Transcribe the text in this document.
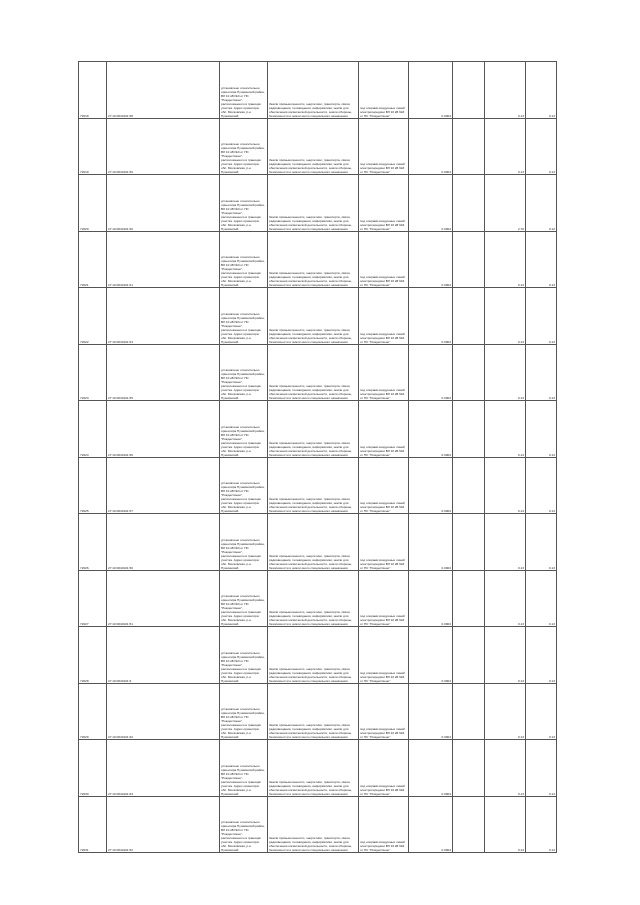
72018	27:10:0040101:58	установлено относительно ориентира Пушкинский район, ВЛ 10 кВ №3 от ПС "Рождествено", расположенного в границах участка. Адрес ориентира: обл. Московская, р-н Пушкинский	Земли промышленности, энергетики, транспорта, связи, радиовещания, телевидения, информатики, земли для обеспечения космической деятельности, земли обороны, безопасности и земли иного специального назначения	под опорами воздушных линий электропередачи ВЛ 10 кВ №3 от ПС "Рождествено"	0.0004		0.13	0.13
72019	27:10:0040101:59	установлено относительно ориентира Пушкинский район, ВЛ 10 кВ №3 от ПС "Рождествено", расположенного в границах участка. Адрес ориентира: обл. Московская, р-н Пушкинский	Земли промышленности, энергетики, транспорта, связи, радиовещания, телевидения, информатики, земли для обеспечения космической деятельности, земли обороны, безопасности и земли иного специального назначения	под опорами воздушных линий электропередачи ВЛ 10 кВ №3 от ПС "Рождествено"	0.0004		0.13	0.13
72020	27:10:0040101:60	установлено относительно ориентира Пушкинский район, ВЛ 10 кВ №3 от ПС "Рождествено", расположенного в границах участка. Адрес ориентира: обл. Московская, р-н Пушкинский	Земли промышленности, энергетики, транспорта, связи, радиовещания, телевидения, информатики, земли для обеспечения космической деятельности, земли обороны, безопасности и земли иного специального назначения	под опорами воздушных линий электропередачи ВЛ 10 кВ №3 от ПС "Рождествено"	0.0004		2.70	0.12
72021	27:10:0040101:61	установлено относительно ориентира Пушкинский район, ВЛ 10 кВ №3 от ПС "Рождествено", расположенного в границах участка. Адрес ориентира: обл. Московская, р-н Пушкинский	Земли промышленности, энергетики, транспорта, связи, радиовещания, телевидения, информатики, земли для обеспечения космической деятельности, земли обороны, безопасности и земли иного специального назначения	под опорами воздушных линий электропередачи ВЛ 10 кВ №3 от ПС "Рождествено"	0.0004		0.13	0.13
72022	27:10:0040101:54	установлено относительно ориентира Пушкинский район, ВЛ 10 кВ №3 от ПС "Рождествено", расположенного в границах участка. Адрес ориентира: обл. Московская, р-н Пушкинский	Земли промышленности, энергетики, транспорта, связи, радиовещания, телевидения, информатики, земли для обеспечения космической деятельности, земли обороны, безопасности и земли иного специального назначения	под опорами воздушных линий электропередачи ВЛ 10 кВ №3 от ПС "Рождествено"	0.0004		0.13	0.13
72023	27:10:0040101:55	установлено относительно ориентира Пушкинский район, ВЛ 10 кВ №3 от ПС "Рождествено", расположенного в границах участка. Адрес ориентира: обл. Московская, р-н Пушкинский	Земли промышленности, энергетики, транспорта, связи, радиовещания, телевидения, информатики, земли для обеспечения космической деятельности, земли обороны, безопасности и земли иного специального назначения	под опорами воздушных линий электропередачи ВЛ 10 кВ №3 от ПС "Рождествено"	0.0004		0.13	0.13
72024	27:10:0040101:56	установлено относительно ориентира Пушкинский район, ВЛ 10 кВ №3 от ПС "Рождествено", расположенного в границах участка. Адрес ориентира: обл. Московская, р-н Пушкинский	Земли промышленности, энергетики, транспорта, связи, радиовещания, телевидения, информатики, земли для обеспечения космической деятельности, земли обороны, безопасности и земли иного специального назначения	под опорами воздушных линий электропередачи ВЛ 10 кВ №3 от ПС "Рождествено"	0.0004		0.13	0.13
72025	27:10:0040101:57	установлено относительно ориентира Пушкинский район, ВЛ 10 кВ №3 от ПС "Рождествено", расположенного в границах участка. Адрес ориентира: обл. Московская, р-н Пушкинский	Земли промышленности, энергетики, транспорта, связи, радиовещания, телевидения, информатики, земли для обеспечения космической деятельности, земли обороны, безопасности и земли иного специального назначения	под опорами воздушных линий электропередачи ВЛ 10 кВ №3 от ПС "Рождествено"	0.0004		0.13	0.13
72026	27:10:0040101:50	установлено относительно ориентира Пушкинский район, ВЛ 10 кВ №3 от ПС "Рождествено", расположенного в границах участка. Адрес ориентира: обл. Московская, р-н Пушкинский	Земли промышленности, энергетики, транспорта, связи, радиовещания, телевидения, информатики, земли для обеспечения космической деятельности, земли обороны, безопасности и земли иного специального назначения	под опорами воздушных линий электропередачи ВЛ 10 кВ №3 от ПС "Рождествено"	0.0004		0.13	0.13
72027	27:10:0040101:51	установлено относительно ориентира Пушкинский район, ВЛ 10 кВ №3 от ПС "Рождествено", расположенного в границах участка. Адрес ориентира: обл. Московская, р-н Пушкинский	Земли промышленности, энергетики, транспорта, связи, радиовещания, телевидения, информатики, земли для обеспечения космической деятельности, земли обороны, безопасности и земли иного специального назначения	под опорами воздушных линий электропередачи ВЛ 10 кВ №3 от ПС "Рождествено"	0.0004		0.13	0.13
72028	27:10:0040101:9	установлено относительно ориентира Пушкинский район, ВЛ 10 кВ №3 от ПС "Рождествено", расположенного в границах участка. Адрес ориентира: обл. Московская, р-н Пушкинский	Земли промышленности, энергетики, транспорта, связи, радиовещания, телевидения, информатики, земли для обеспечения космической деятельности, земли обороны, безопасности и земли иного специального назначения	под опорами воздушных линий электропередачи ВЛ 10 кВ №3 от ПС "Рождествено"	0.0004		0.13	0.13
72029	27:10:0040101:62	установлено относительно ориентира Пушкинский район, ВЛ 10 кВ №3 от ПС "Рождествено", расположенного в границах участка. Адрес ориентира: обл. Московская, р-н Пушкинский	Земли промышленности, энергетики, транспорта, связи, радиовещания, телевидения, информатики, земли для обеспечения космической деятельности, земли обороны, безопасности и земли иного специального назначения	под опорами воздушных линий электропередачи ВЛ 10 кВ №3 от ПС "Рождествено"	0.0004		0.13	0.13
72030	27:10:0040101:63	установлено относительно ориентира Пушкинский район, ВЛ 10 кВ №3 от ПС "Рождествено", расположенного в границах участка. Адрес ориентира: обл. Московская, р-н Пушкинский	Земли промышленности, энергетики, транспорта, связи, радиовещания, телевидения, информатики, земли для обеспечения космической деятельности, земли обороны, безопасности и земли иного специального назначения	под опорами воздушных линий электропередачи ВЛ 10 кВ №3 от ПС "Рождествено"	0.0004		0.13	0.13
72031	27:10:0040101:52	установлено относительно ориентира Пушкинский район, ВЛ 10 кВ №3 от ПС "Рождествено", расположенного в границах участка. Адрес ориентира: обл. Московская, р-н Пушкинский	Земли промышленности, энергетики, транспорта, связи, радиовещания, телевидения, информатики, земли для обеспечения космической деятельности, земли обороны, безопасности и земли иного специального назначения	под опорами воздушных линий электропередачи ВЛ 10 кВ №3 от ПС "Рождествено"	0.0004		0.13	0.13
